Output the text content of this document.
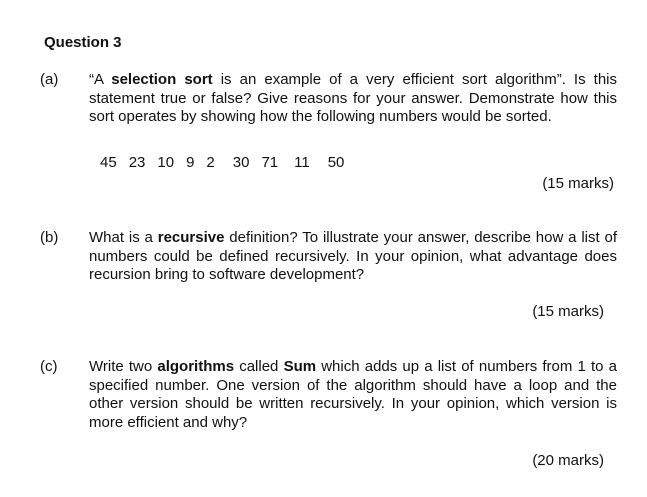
Question 3
(a) “A selection sort is an example of a very efficient sort algorithm”. Is this statement true or false? Give reasons for your answer. Demonstrate how this sort operates by showing how the following numbers would be sorted.
45 23 10 9 2 30 71 11 50
(15 marks)
(b) What is a recursive definition? To illustrate your answer, describe how a list of numbers could be defined recursively. In your opinion, what advantage does recursion bring to software development?
(15 marks)
(c) Write two algorithms called Sum which adds up a list of numbers from 1 to a specified number. One version of the algorithm should have a loop and the other version should be written recursively. In your opinion, which version is more efficient and why?
(20 marks)
